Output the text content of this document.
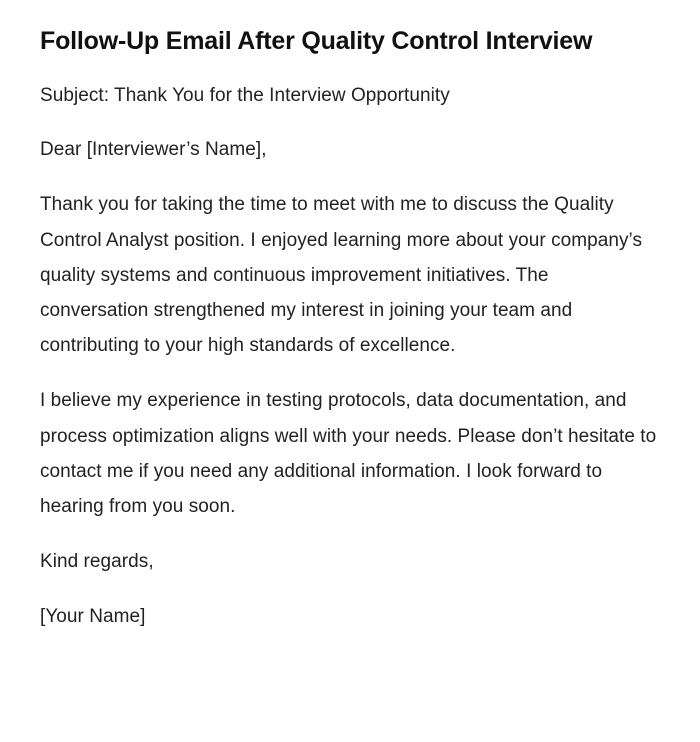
Follow-Up Email After Quality Control Interview

Subject: Thank You for the Interview Opportunity

Dear [Interviewer’s Name],

Thank you for taking the time to meet with me to discuss the Quality Control Analyst position. I enjoyed learning more about your company’s quality systems and continuous improvement initiatives. The conversation strengthened my interest in joining your team and contributing to your high standards of excellence.

I believe my experience in testing protocols, data documentation, and process optimization aligns well with your needs. Please don’t hesitate to contact me if you need any additional information. I look forward to hearing from you soon.

Kind regards,

[Your Name]
